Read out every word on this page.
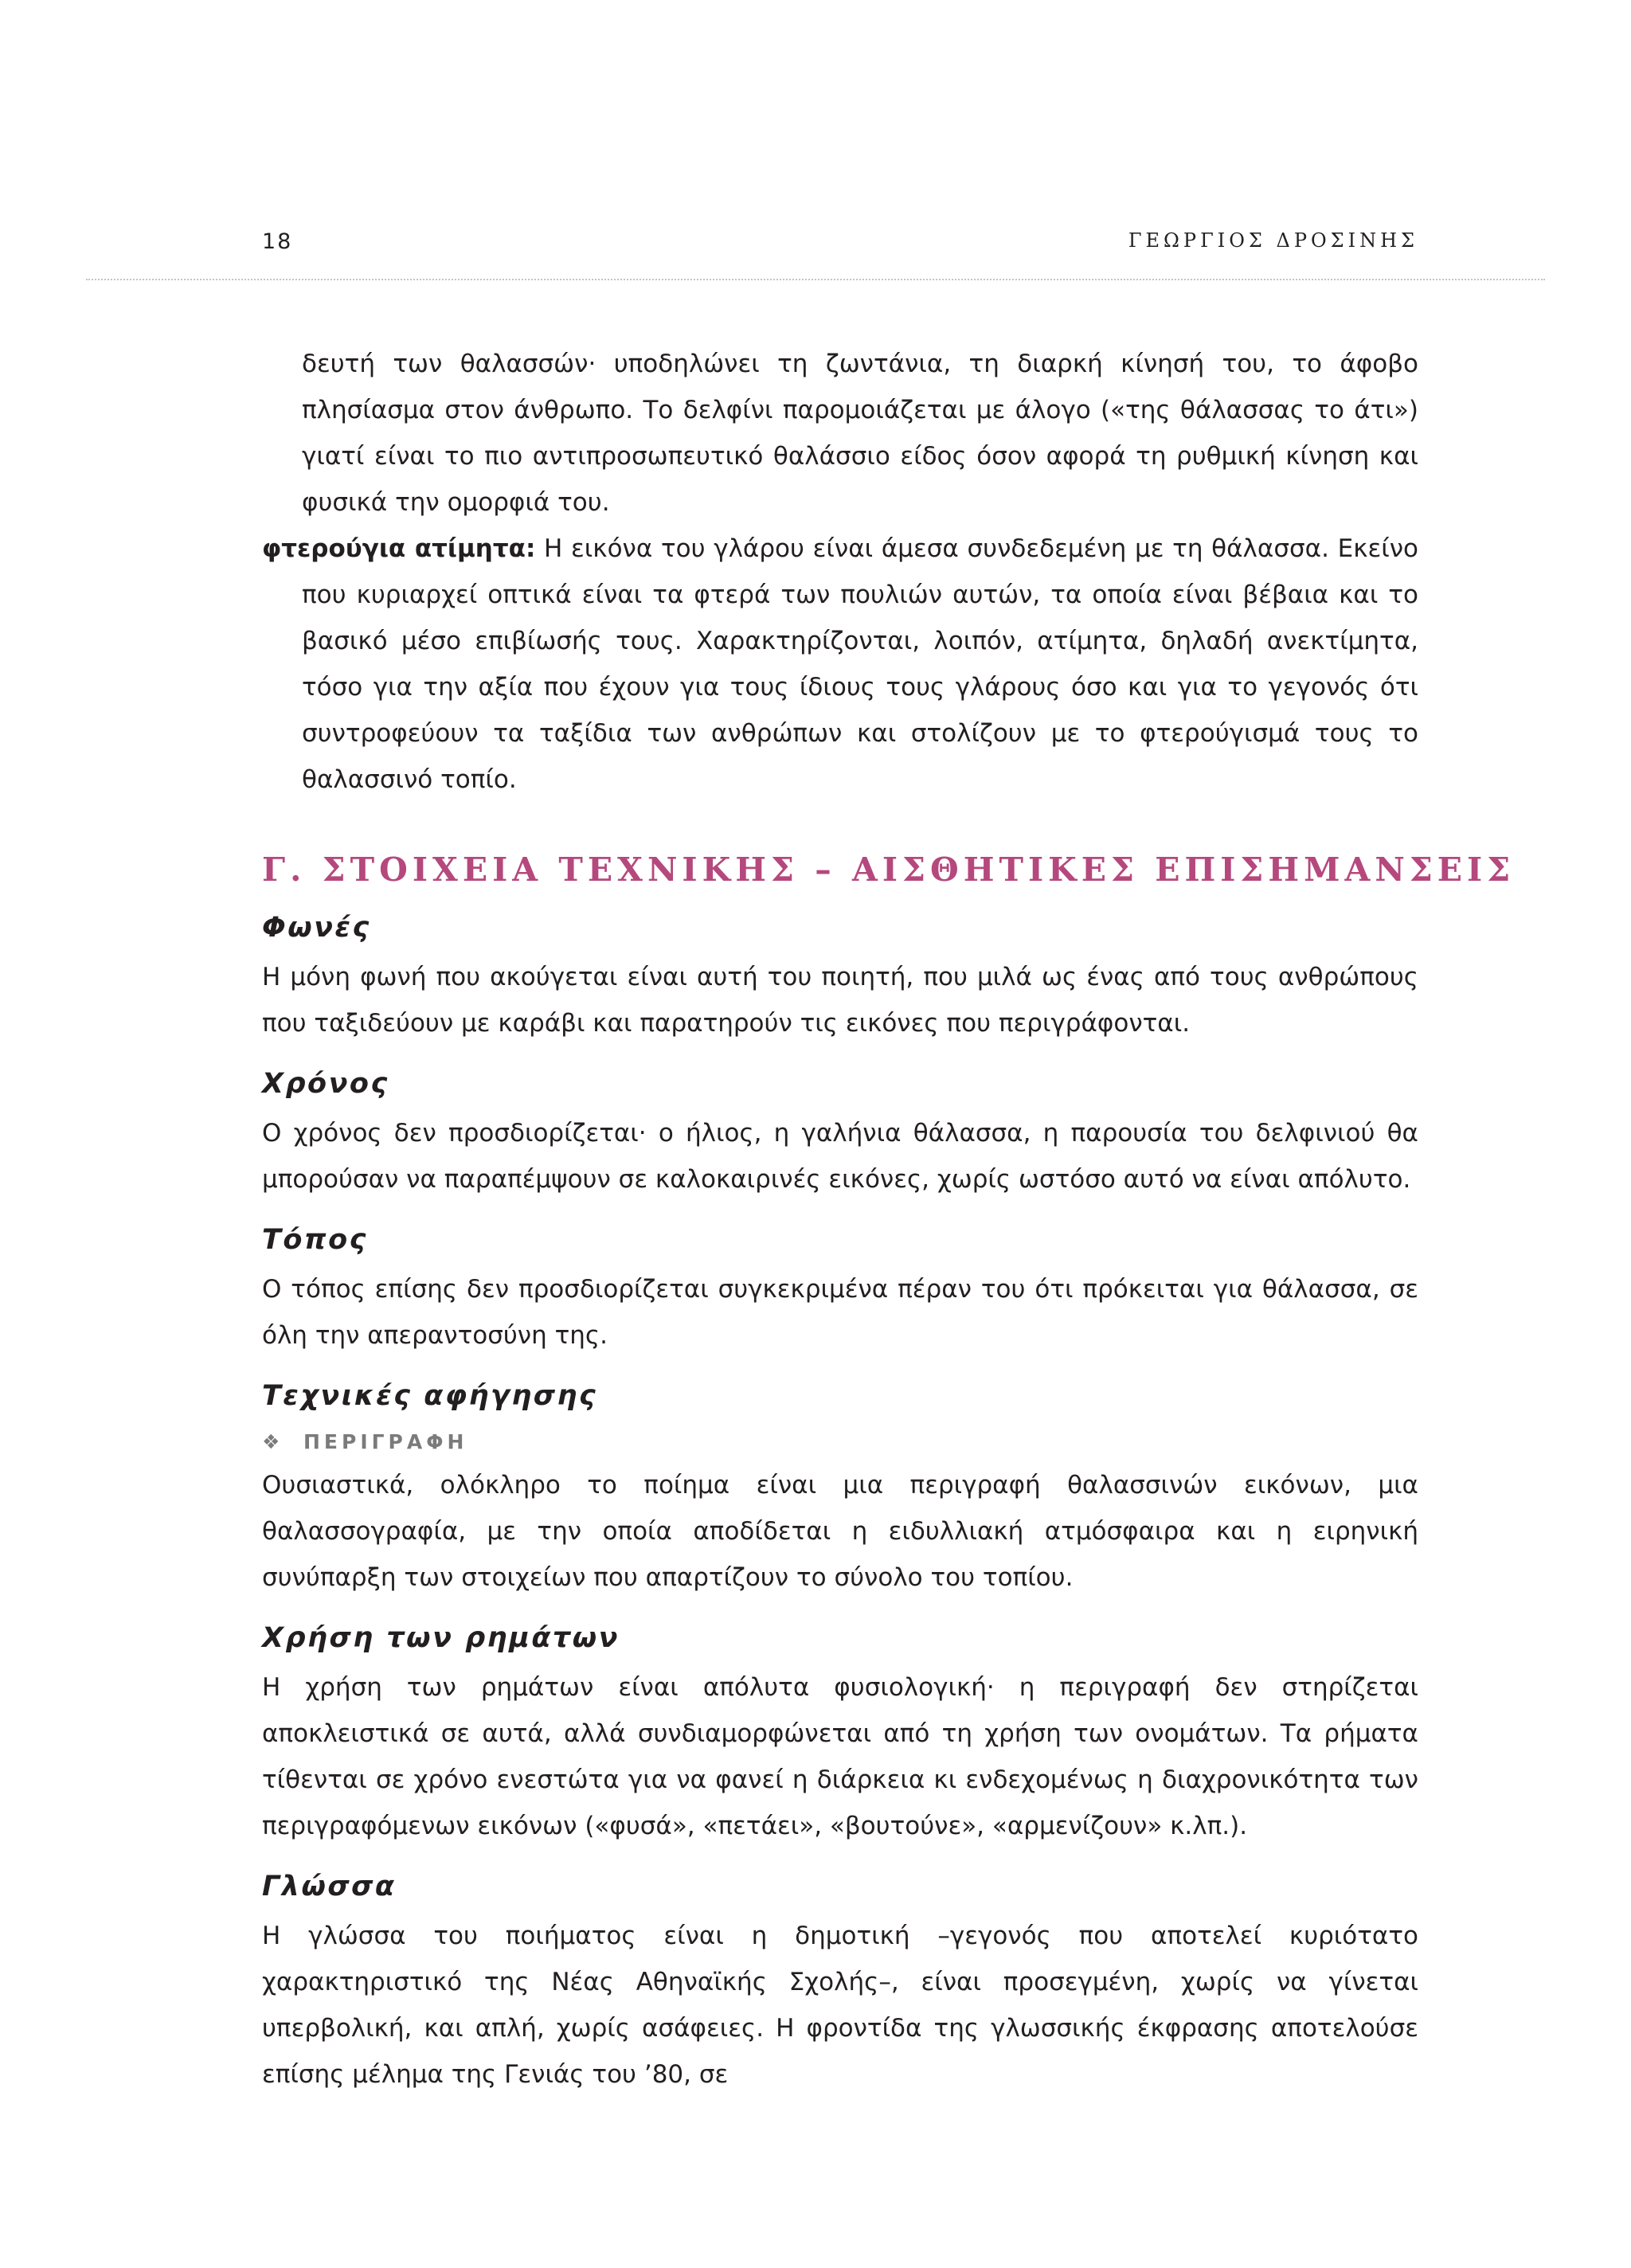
18	ΓΕΩΡΓΙΟΣ ΔΡΟΣΙΝΗΣ

δευτή των θαλασσών· υποδηλώνει τη ζωντάνια, τη διαρκή κίνησή του, το άφοβο πλησίασμα στον άνθρωπο. Το δελφίνι παρομοιάζεται με άλογο («της θάλασσας το άτι») γιατί είναι το πιο αντιπροσωπευτικό θαλάσσιο είδος όσον αφορά τη ρυθμική κίνηση και φυσικά την ομορφιά του.

φτερούγια ατίμητα: Η εικόνα του γλάρου είναι άμεσα συνδεδεμένη με τη θάλασσα. Εκείνο που κυριαρχεί οπτικά είναι τα φτερά των πουλιών αυτών, τα οποία είναι βέβαια και το βασικό μέσο επιβίωσής τους. Χαρακτηρίζονται, λοιπόν, ατίμητα, δηλαδή ανεκτίμητα, τόσο για την αξία που έχουν για τους ίδιους τους γλάρους όσο και για το γεγονός ότι συντροφεύουν τα ταξίδια των ανθρώπων και στολίζουν με το φτερούγισμά τους το θαλασσινό τοπίο.

Γ. ΣΤΟΙΧΕΙΑ ΤΕΧΝΙΚΗΣ – ΑΙΣΘΗΤΙΚΕΣ ΕΠΙΣΗΜΑΝΣΕΙΣ
Φωνές

Η μόνη φωνή που ακούγεται είναι αυτή του ποιητή, που μιλά ως ένας από τους ανθρώπους που ταξιδεύουν με καράβι και παρατηρούν τις εικόνες που περιγράφονται.

Χρόνος

Ο χρόνος δεν προσδιορίζεται· ο ήλιος, η γαλήνια θάλασσα, η παρουσία του δελφινιού θα μπορούσαν να παραπέμψουν σε καλοκαιρινές εικόνες, χωρίς ωστόσο αυτό να είναι απόλυτο.

Τόπος

Ο τόπος επίσης δεν προσδιορίζεται συγκεκριμένα πέραν του ότι πρόκειται για θάλασσα, σε όλη την απεραντοσύνη της.

Τεχνικές αφήγησης

❖ ΠΕΡΙΓΡΑΦΗ

Ουσιαστικά, ολόκληρο το ποίημα είναι μια περιγραφή θαλασσινών εικόνων, μια θαλασσογραφία, με την οποία αποδίδεται η ειδυλλιακή ατμόσφαιρα και η ειρηνική συνύπαρξη των στοιχείων που απαρτίζουν το σύνολο του τοπίου.

Χρήση των ρημάτων

Η χρήση των ρημάτων είναι απόλυτα φυσιολογική· η περιγραφή δεν στηρίζεται αποκλειστικά σε αυτά, αλλά συνδιαμορφώνεται από τη χρήση των ονομάτων. Τα ρήματα τίθενται σε χρόνο ενεστώτα για να φανεί η διάρκεια κι ενδεχομένως η διαχρονικότητα των περιγραφόμενων εικόνων («φυσά», «πετάει», «βουτούνε», «αρμενίζουν» κ.λπ.).

Γλώσσα

Η γλώσσα του ποιήματος είναι η δημοτική –γεγονός που αποτελεί κυριότατο χαρακτηριστικό της Νέας Αθηναϊκής Σχολής–, είναι προσεγμένη, χωρίς να γίνεται υπερβολική, και απλή, χωρίς ασάφειες. Η φροντίδα της γλωσσικής έκφρασης αποτελούσε επίσης μέλημα της Γενιάς του ’80, σε
